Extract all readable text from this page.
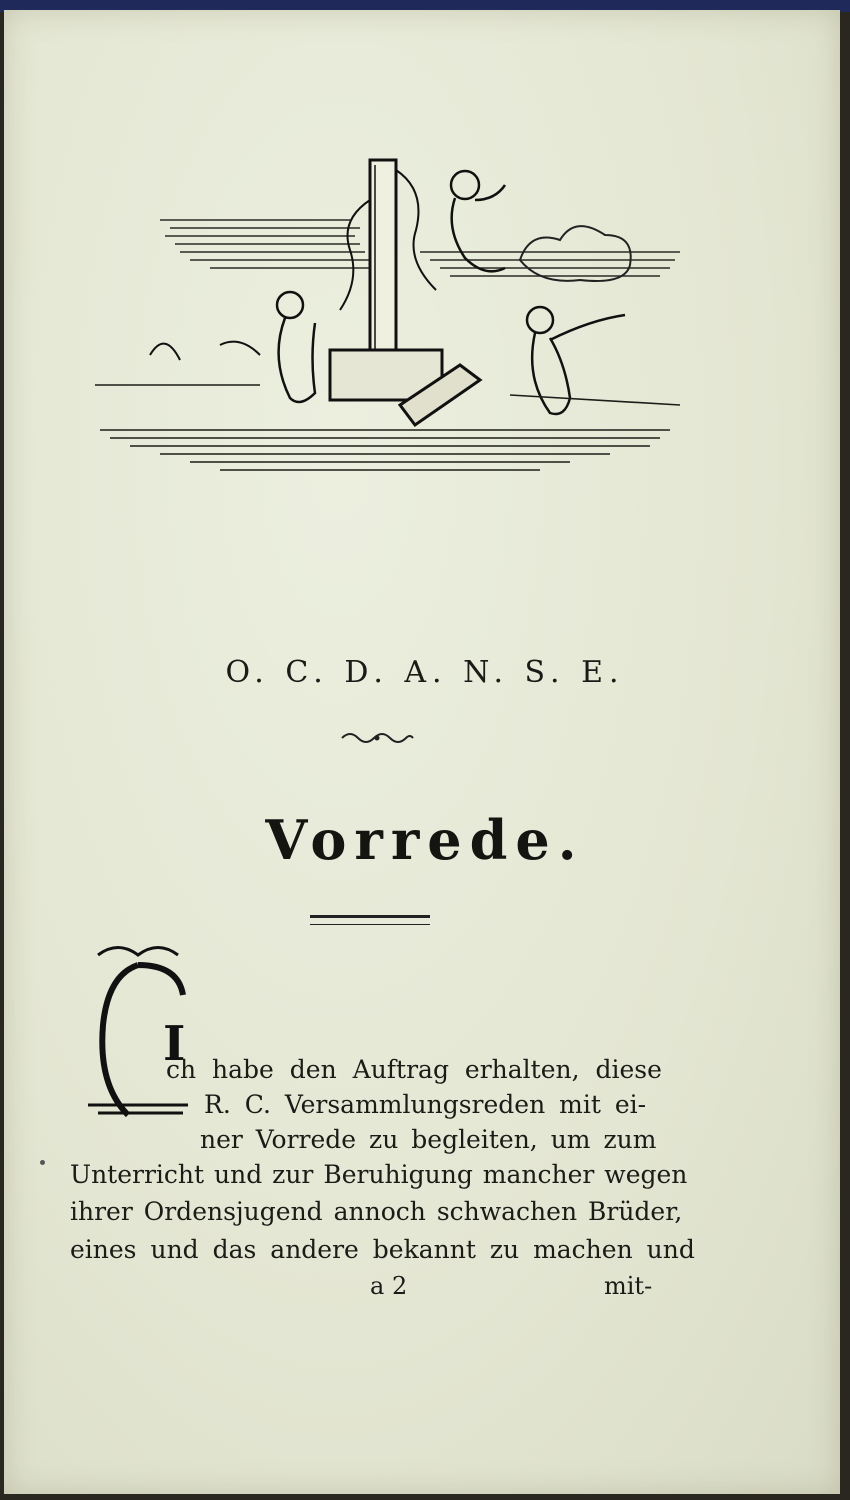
O. C. D. A. N. S. E.
Vorrede.
I
ch habe den Auftrag erhalten, diese
R. C. Versammlungsreden mit ei-
ner Vorrede zu begleiten, um zum
Unterricht und zur Beruhigung mancher wegen
ihrer Ordensjugend annoch schwachen Brüder,
eines und das andere bekannt zu machen und
a 2	mit-
